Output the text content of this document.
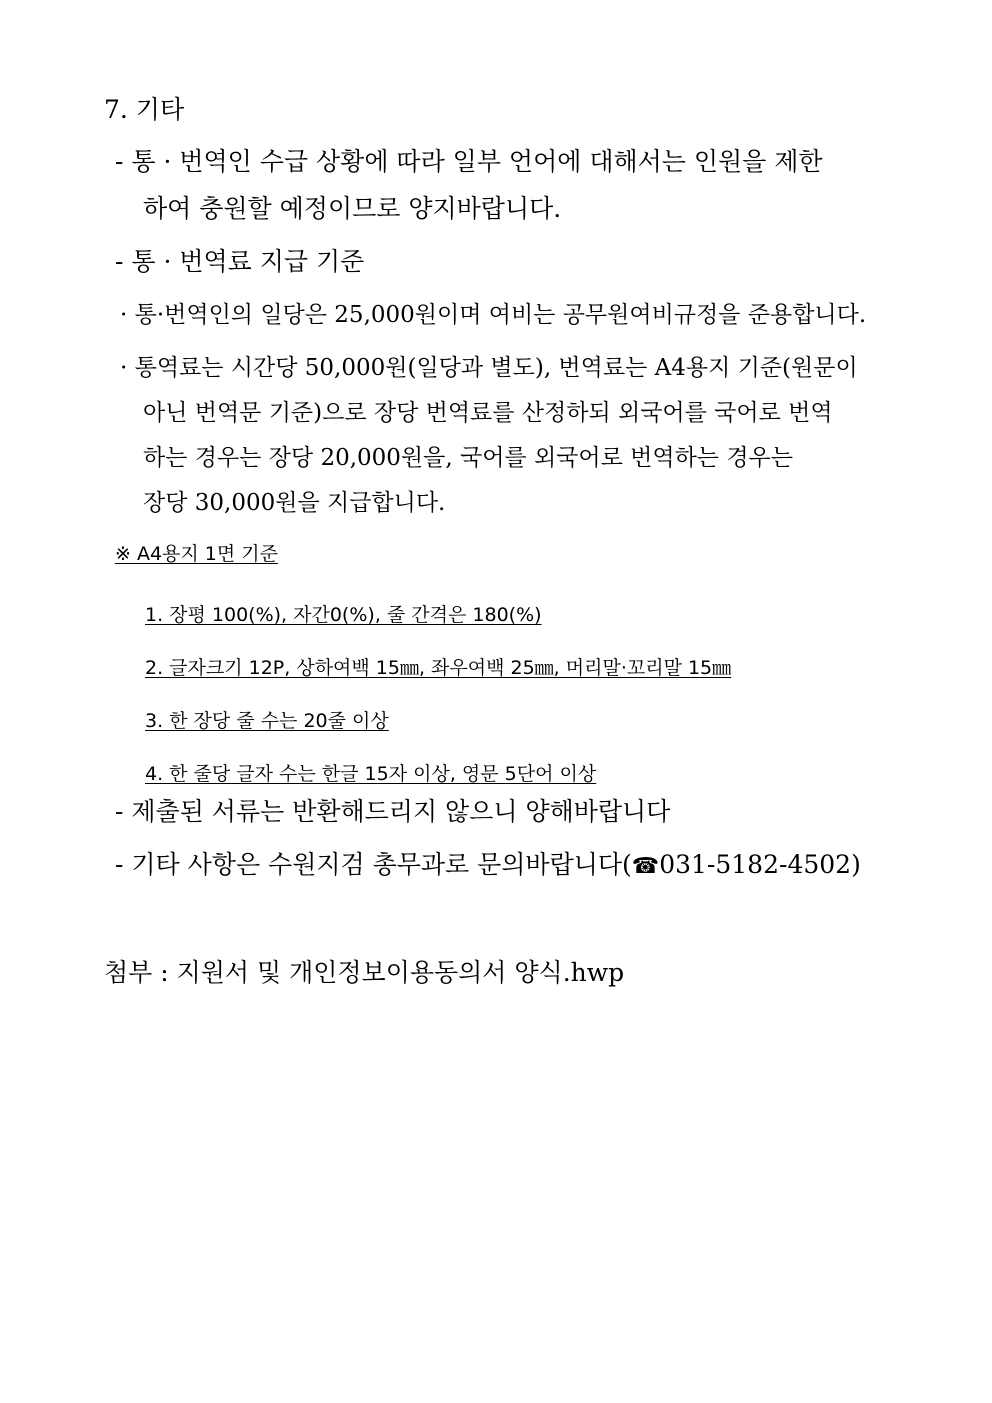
7. 기타
- 통 · 번역인 수급 상황에 따라 일부 언어에 대해서는 인원을 제한
하여 충원할 예정이므로 양지바랍니다.
- 통 · 번역료 지급 기준
· 통·번역인의 일당은 25,000원이며 여비는 공무원여비규정을 준용합니다.
· 통역료는 시간당 50,000원(일당과 별도), 번역료는 A4용지 기준(원문이
아닌 번역문 기준)으로 장당 번역료를 산정하되 외국어를 국어로 번역
하는 경우는 장당 20,000원을, 국어를 외국어로 번역하는 경우는
장당 30,000원을 지급합니다.
※ A4용지 1면 기준
1. 장평 100(%), 자간0(%), 줄 간격은 180(%)
2. 글자크기 12P, 상하여백 15㎜, 좌우여백 25㎜, 머리말·꼬리말 15㎜
3. 한 장당 줄 수는 20줄 이상
4. 한 줄당 글자 수는 한글 15자 이상, 영문 5단어 이상
- 제출된 서류는 반환해드리지 않으니 양해바랍니다
- 기타 사항은 수원지검 총무과로 문의바랍니다(☎031-5182-4502)
첨부 : 지원서 및 개인정보이용동의서 양식.hwp
